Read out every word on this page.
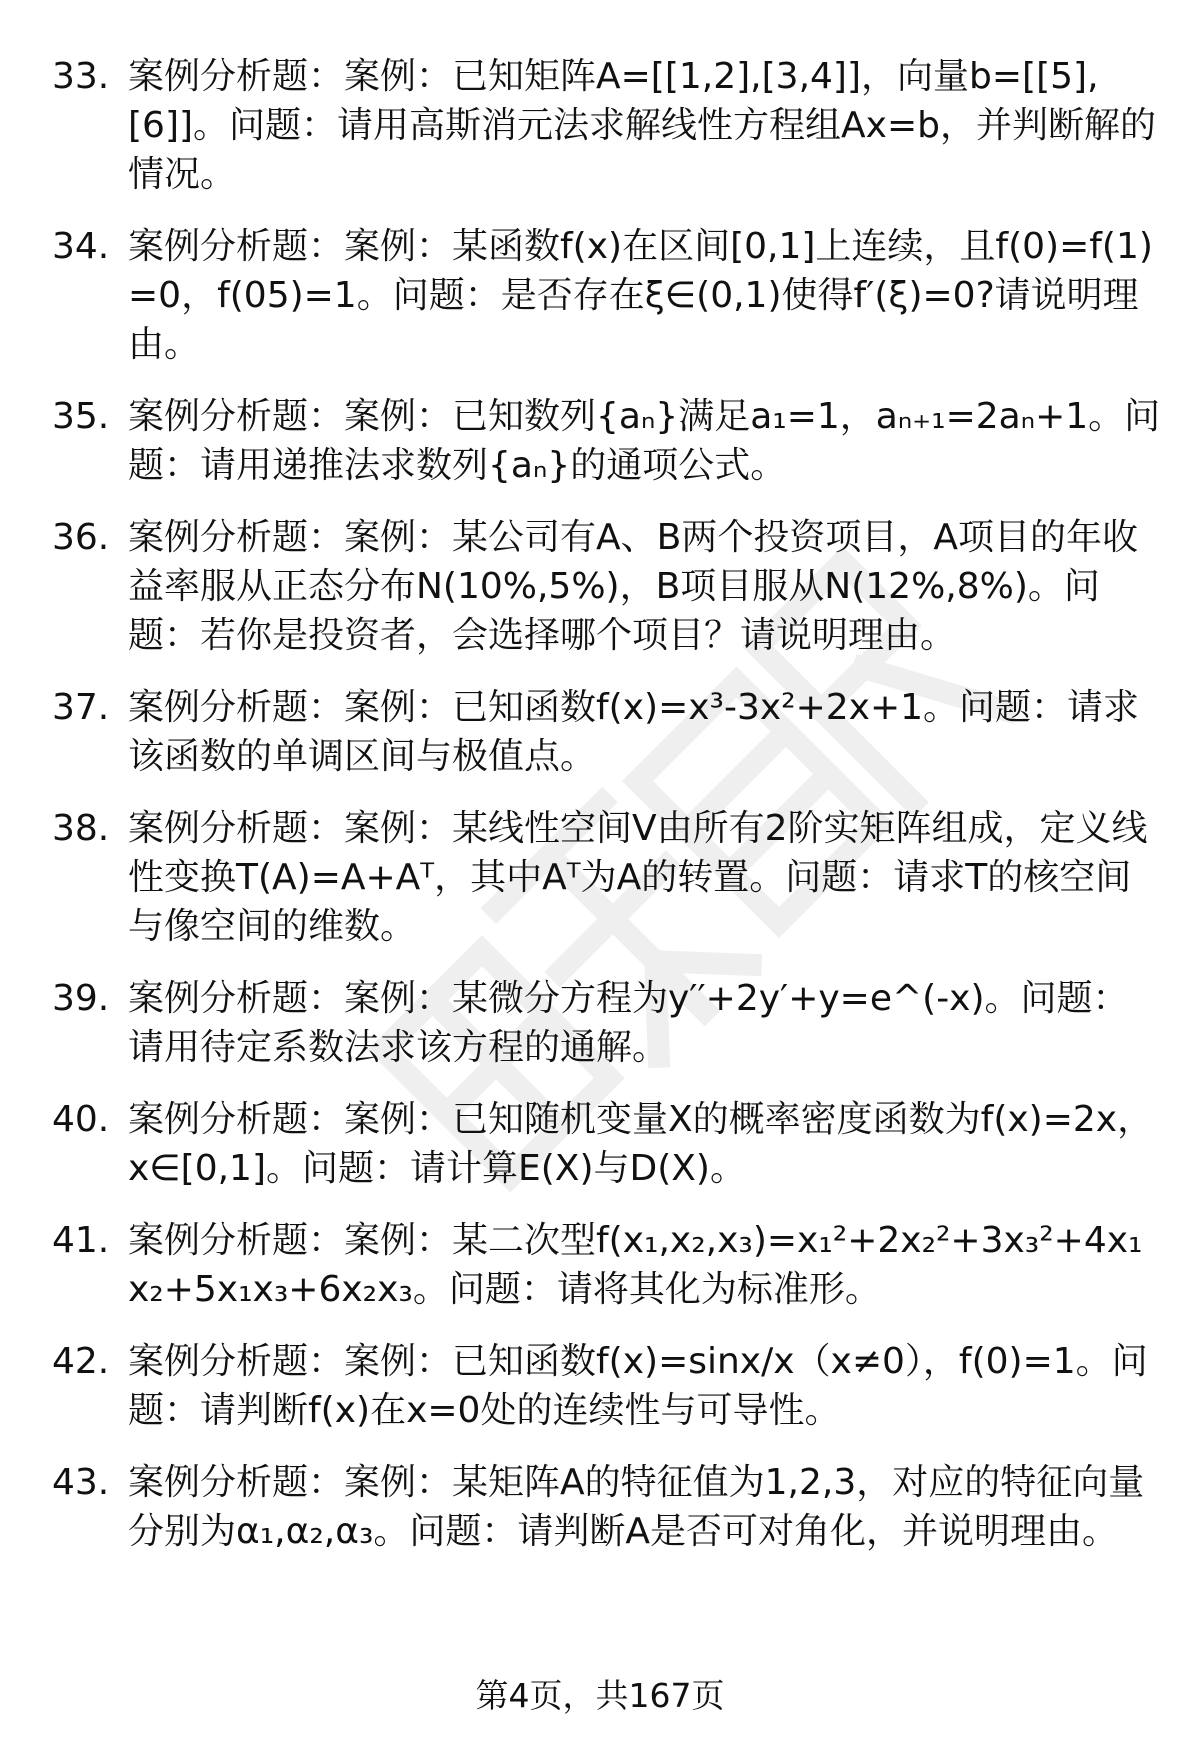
33. 案例分析题：案例：已知矩阵A=[[1,2],[3,4]]，向量b=[[5],[6]]。问题：请用高斯消元法求解线性方程组Ax=b，并判断解的情况。
34. 案例分析题：案例：某函数f(x)在区间[0,1]上连续，且f(0)=f(1)=0，f(05)=1。问题：是否存在ξ∈(0,1)使得f′(ξ)=0?请说明理由。
35. 案例分析题：案例：已知数列{aₙ}满足a₁=1，aₙ₊₁=2aₙ+1。问题：请用递推法求数列{aₙ}的通项公式。
36. 案例分析题：案例：某公司有A、B两个投资项目，A项目的年收益率服从正态分布N(10%,5%)，B项目服从N(12%,8%)。问题：若你是投资者，会选择哪个项目？请说明理由。
37. 案例分析题：案例：已知函数f(x)=x³-3x²+2x+1。问题：请求该函数的单调区间与极值点。
38. 案例分析题：案例：某线性空间V由所有2阶实矩阵组成，定义线性变换T(A)=A+Aᵀ，其中Aᵀ为A的转置。问题：请求T的核空间与像空间的维数。
39. 案例分析题：案例：某微分方程为y′′+2y′+y=e^(-x)。问题：请用待定系数法求该方程的通解。
40. 案例分析题：案例：已知随机变量X的概率密度函数为f(x)=2x，x∈[0,1]。问题：请计算E(X)与D(X)。
41. 案例分析题：案例：某二次型f(x₁,x₂,x₃)=x₁²+2x₂²+3x₃²+4x₁x₂+5x₁x₃+6x₂x₃。问题：请将其化为标准形。
42. 案例分析题：案例：已知函数f(x)=sinx/x（x≠0），f(0)=1。问题：请判断f(x)在x=0处的连续性与可导性。
43. 案例分析题：案例：某矩阵A的特征值为1,2,3，对应的特征向量分别为α₁,α₂,α₃。问题：请判断A是否可对角化，并说明理由。
第4页，共167页
